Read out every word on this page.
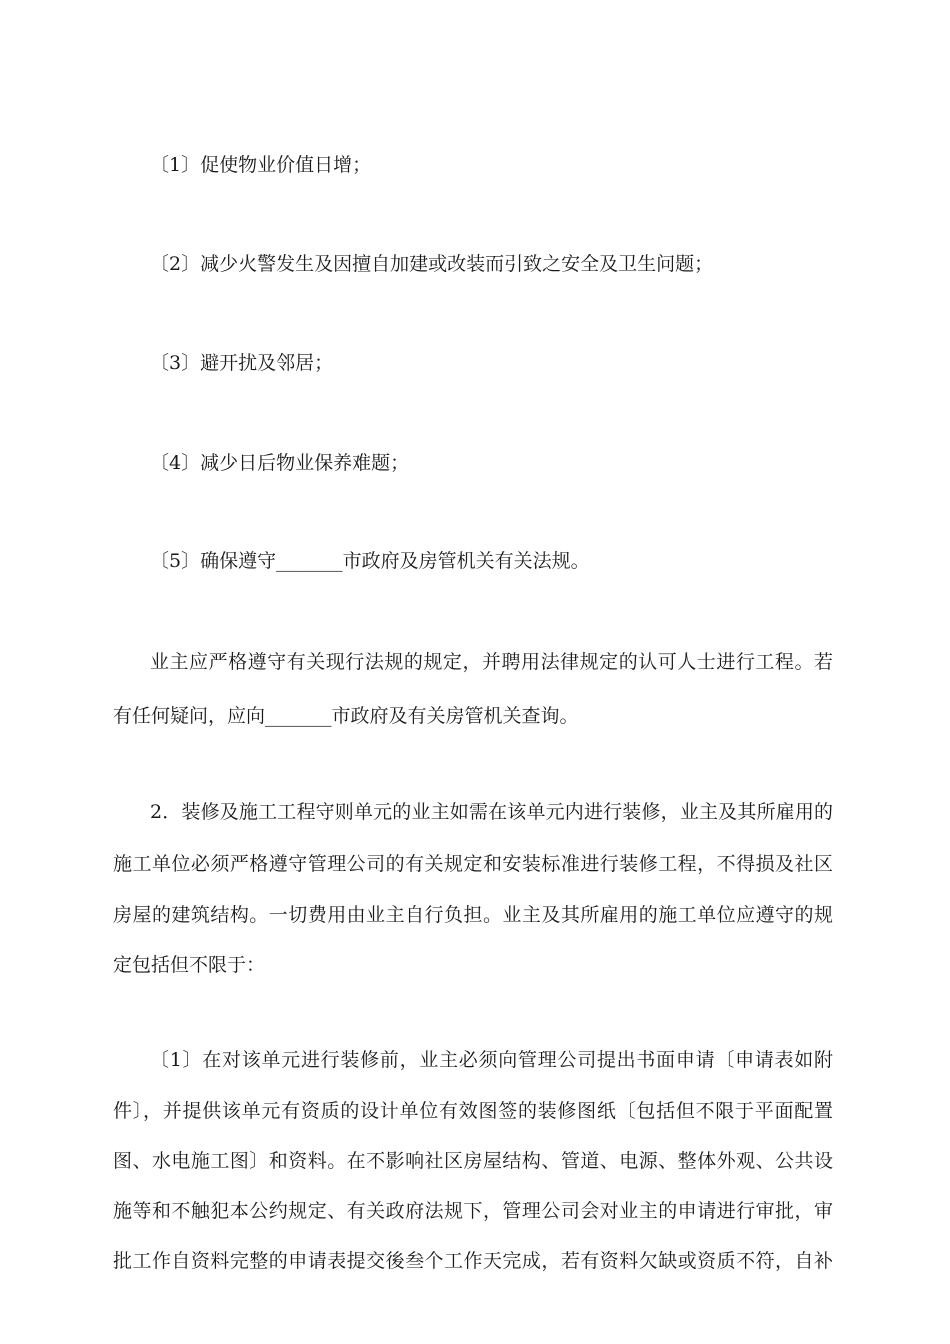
〔1〕促使物业价值日增；
〔2〕减少火警发生及因擅自加建或改装而引致之安全及卫生问题；
〔3〕避开扰及邻居；
〔4〕减少日后物业保养难题；
〔5〕确保遵守_______市政府及房管机关有关法规。
业主应严格遵守有关现行法规的规定，并聘用法律规定的认可人士进行工程。若
有任何疑问，应向_______市政府及有关房管机关查询。
2．装修及施工工程守则单元的业主如需在该单元内进行装修，业主及其所雇用的
施工单位必须严格遵守管理公司的有关规定和安装标准进行装修工程，不得损及社区
房屋的建筑结构。一切费用由业主自行负担。业主及其所雇用的施工单位应遵守的规
定包括但不限于：
〔1〕在对该单元进行装修前，业主必须向管理公司提出书面申请〔申请表如附
件〕，并提供该单元有资质的设计单位有效图签的装修图纸〔包括但不限于平面配置
图、水电施工图〕和资料。在不影响社区房屋结构、管道、电源、整体外观、公共设
施等和不触犯本公约规定、有关政府法规下，管理公司会对业主的申请进行审批，审
批工作自资料完整的申请表提交後叁个工作天完成，若有资料欠缺或资质不符，自补
